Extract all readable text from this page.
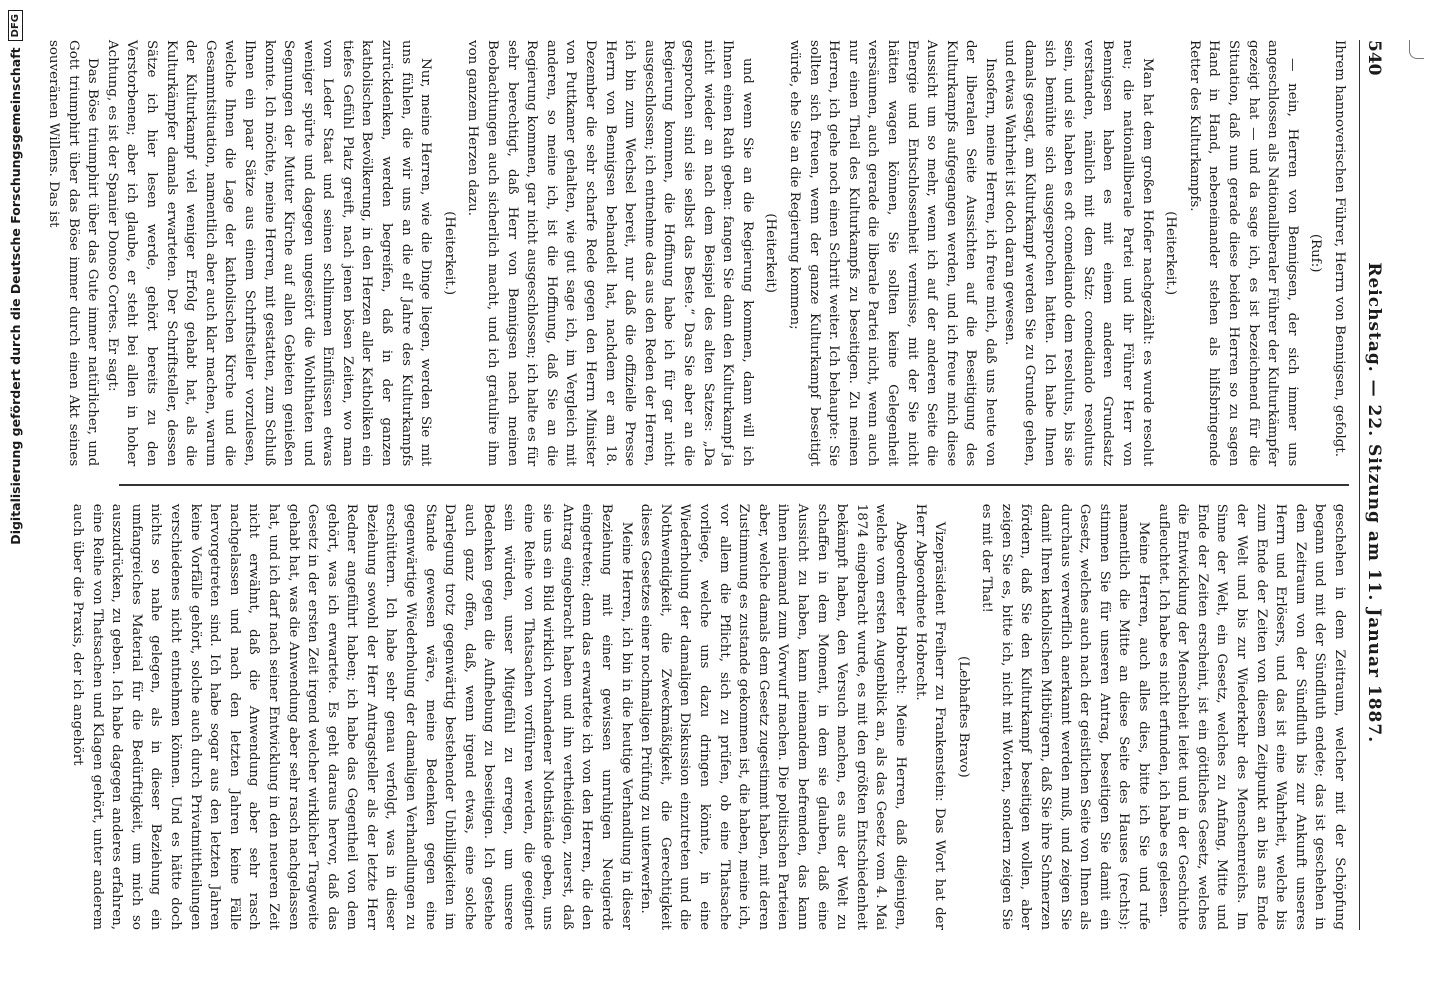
540
Reichstag. — 22. Sitzung am 11. Januar 1887.

Ihrem hannoverischen Führer, Herrn von Bennigsen, gefolgt.

(Ruf:)

— nein, Herren von Bennigsen, der sich immer uns angeschlossen als Nationalliberaler Führer der Kulturkämpfer gezeigt hat — und da sage ich, es ist bezeichnend für die Situation, daß nun gerade diese beiden Herren so zu sagen Hand in Hand, nebeneinander stehen als hilfsbringende Retter des Kulturkampfs.

(Heiterkeit.)

Man hat dem großen Hofier nachgezählt: es wurde resolut neu; die nationalliberale Partei und ihr Führer Herr von Bennigsen haben es mit einem anderen Grundsatz verstanden, nämlich mit dem Satz: comediando resolutus sein, und sie haben es oft comediando dem resolutus, bis sie sich bemühte sich ausgesprochen hatten. Ich habe Ihnen damals gesagt, am Kulturkampf werden Sie zu Grunde gehen, und etwas Wahrheit ist doch daran gewesen.

Insofern, meine Herren, ich freue mich, daß uns heute von der liberalen Seite Aussichten auf die Beseitigung des Kulturkampfs aufgegangen werden, und ich freue mich diese Aussicht um so mehr, wenn ich auf der anderen Seite die Energie und Entschlossenheit vermisse, mit der Sie nicht hätten wagen können, Sie sollten keine Gelegenheit versäumen, auch gerade die liberale Partei nicht, wenn auch nur einen Theil des Kulturkampfs zu beseitigen. Zu meinen Herren, ich gehe noch einen Schritt weiter. Ich behaupte: Sie sollten sich freuen, wenn der ganze Kulturkampf beseitigt würde, ehe Sie an die Regierung kommen;

(Heiterkeit)

und wenn Sie an die Regierung kommen, dann will ich Ihnen einen Rath geben: fangen Sie dann den Kulturkampf ja nicht wieder an nach dem Beispiel des alten Satzes: „Da gesprochen sind sie selbst das Beste.“ Das Sie aber an die Regierung kommen, die Hoffnung habe ich für gar nicht ausgeschlossen; ich entnehme das aus den Reden der Herren, ich bin zum Wechsel bereit, nur daß die offizielle Presse Herrn von Bennigsen behandelt hat, nachdem er am 18. Dezember die sehr scharfe Rede gegen den Herrn Minister von Puttkamer gehalten, wie gut sage ich, im Vergleich mit anderen, so meine ich, ist die Hoffnung, daß Sie an die Regierung kommen, gar nicht ausgeschlossen; ich halte es für sehr berechtigt, daß Herr von Bennigsen nach meinen Beobachtungen auch sicherlich macht, und ich gratulire ihm von ganzem Herzen dazu.

(Heiterkeit.)

Nur, meine Herren, wie die Dinge liegen, werden Sie mit uns fühlen, die wir uns an die elf Jahre des Kulturkampfs zurückdenken, werden begreifen, daß in der ganzen katholischen Bevölkerung, in den Herzen aller Katholiken ein tiefes Gefühl Platz greift, nach jenen bösen Zeiten, wo man vom Leder Staat und seinen schlimmen Einflüssen etwas weniger spürte und dagegen ungestört die Wohlthaten und Segnungen der Mutter Kirche auf allen Gebieten genießen konnte. Ich möchte, meine Herren, mit gestatten, zum Schluß Ihnen ein paar Sätze aus einem Schriftsteller vorzulesen, welche Ihnen die Lage der katholischen Kirche und die Gesammtsituation, namentlich aber auch klar machen, warum der Kulturkampf viel weniger Erfolg gehabt hat, als die Kulturkämpfer damals erwarteten. Der Schriftsteller, dessen Sätze ich hier lesen werde, gehört bereits zu den Verstorbenen; aber ich glaube, er steht bei allen in hoher Achtung, es ist der Spanier Donoso Cortes. Er sagt:

Das Böse triumphirt über das Gute immer natürlicher, und Gott triumphirt über das Böse immer durch einen Akt seines souveränen Willens. Das ist

geschehen in dem Zeitraum, welcher mit der Schöpfung begann und mit der Sündfluth endete; das ist geschehen in dem Zeitraum von der Sündfluth bis zur Ankunft unseres Herrn und Erlösers, und das ist eine Wahrheit, welche bis zum Ende der Zeiten von diesem Zeitpunkt an bis ans Ende der Welt und bis zur Wiederkehr des Menschenreichs. Im Sinne der Welt, ein Gesetz, welches zu Anfang, Mitte und Ende der Zeiten erscheint, ist ein göttliches Gesetz, welches die Entwicklung der Menschheit leitet und in der Geschichte aufleuchtet. Ich habe es nicht erfunden, ich habe es gelesen.

Meine Herren, auch alles dies, bitte ich Sie und rufe namentlich die Mitte an diese Seite des Hauses (rechts): stimmen Sie für unseren Antrag, beseitigen Sie damit ein Gesetz, welches auch nach der geistlichen Seite von Ihnen als durchaus verwerflich anerkannt werden muß, und zeigen Sie damit Ihren katholischen Mitbürgern, daß Sie ihre Schmerzen fördern, daß Sie den Kulturkampf beseitigen wollen, aber zeigen Sie es, bitte ich, nicht mit Worten, sondern zeigen Sie es mit der That!

(Lebhaftes Bravo)

Vizepräsident Freiherr zu Frankenstein: Das Wort hat der Herr Abgeordnete Hobrecht.

Abgeordneter Hobrecht: Meine Herren, daß diejenigen, welche vom ersten Augenblick an, als das Gesetz vom 4. Mai 1874 eingebracht wurde, es mit den größten Entschiedenheit bekämpft haben, den Versuch machen, es aus der Welt zu schaffen in dem Moment, in dem sie glauben, daß eine Aussicht zu haben, kann niemandem befremden, das kann ihnen niemand zum Vorwurf machen. Die politischen Parteien aber, welche damals dem Gesetz zugestimmt haben, mit deren Zustimmung es zustande gekommen ist, die haben, meine ich, vor allem die Pflicht, sich zu prüfen, ob eine Thatsache vorliege, welche uns dazu dringen könnte, in eine Wiederholung der damaligen Diskussion einzutreten und die Nothwendigkeit, die Zweckmäßigkeit, die Gerechtigkeit dieses Gesetzes einer nochmaligen Prüfung zu unterwerfen.

Meine Herren, ich bin in die heutige Verhandlung in dieser Beziehung mit einer gewissen unruhigen Neugierde eingetreten; denn das erwartete ich von den Herren, die den Antrag eingebracht haben und ihn vertheidigen, zuerst, daß sie uns ein Bild wirklich vorhandener Nothstände geben, uns eine Reihe von Thatsachen vorführen werden, die geeignet sein würden, unser Mitgefühl zu erregen, um unsere Bedenken gegen die Aufhebung zu beseitigen. Ich gestehe auch ganz offen, daß, wenn irgend etwas, eine solche Darlegung trotz gegenwärtig bestehender Unbilligkeiten im Stande gewesen wäre, meine Bedenken gegen eine gegenwärtige Wiederholung der damaligen Verhandlungen zu erschüttern. Ich habe sehr genau verfolgt, was in dieser Beziehung sowohl der Herr Antragsteller als der letzte Herr Redner angeführt haben; ich habe das Gegentheil von dem gehört, was ich erwartete. Es geht daraus hervor, daß das Gesetz in der ersten Zeit irgend welcher wirklicher Tragweite gehabt hat, was die Anwendung aber sehr rasch nachgelassen hat, und ich darf nach seiner Entwicklung in den neueren Zeit nicht erwähnt, daß die Anwendung aber sehr rasch nachgelassen und nach den letzten Jahren keine Fälle hervorgetreten sind. Ich habe sogar aus den letzten Jahren keine Vorfälle gehört, solche auch durch Privatmittheilungen verschiedenes nicht entnehmen können. Und es hätte doch nichts so nahe gelegen, als in dieser Beziehung ein umfangreiches Material für die Bedürftigkeit, um mich so auszudrücken, zu geben. Ich habe dagegen anderes erfahren, eine Reihe von Thatsachen und Klagen gehört, unter anderem auch über die Praxis, der ich angehört

Digitalisierung gefördert durch die Deutsche Forschungsgemeinschaft
DFG
